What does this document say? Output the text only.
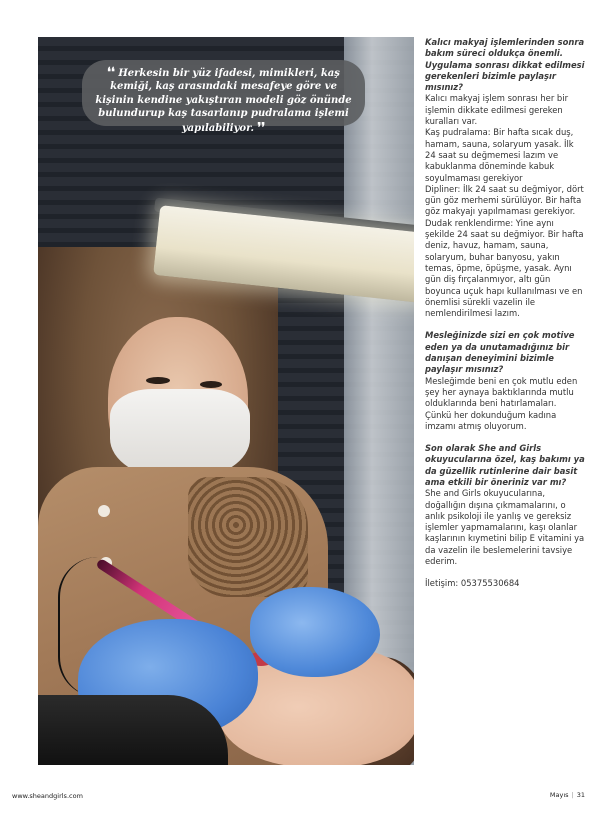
❛❛ Herkesin bir yüz ifadesi, mimikleri, kaş kemiği, kaş arasındaki mesafeye göre ve kişinin kendine yakıştıran modeli göz önünde bulundurup kaş tasarlanıp pudralama işlemi yapılabiliyor. ❜❜

Kalıcı makyaj işlemlerinden sonra bakım süreci oldukça önemli. Uygulama sonrası dikkat edilmesi gerekenleri bizimle paylaşır mısınız?

Kalıcı makyaj işlem sonrası her bir işlemin dikkate edilmesi gereken kuralları var.

Kaş pudralama: Bir hafta sıcak duş, hamam, sauna, solaryum yasak. İlk 24 saat su değmemesi lazım ve kabuklanma döneminde kabuk soyulmaması gerekiyor

Dipliner: İlk 24 saat su değmiyor, dört gün göz merhemi sürülüyor. Bir hafta göz makyajı yapılmaması gerekiyor.

Dudak renklendirme: Yine aynı şekilde 24 saat su değmiyor. Bir hafta deniz, havuz, hamam, sauna, solaryum, buhar banyosu, yakın temas, öpme, öpüşme, yasak. Aynı gün diş fırçalanmıyor, altı gün boyunca uçuk hapı kullanılması ve en önemlisi sürekli vazelin ile nemlendirilmesi lazım.

Mesleğinizde sizi en çok motive eden ya da unutamadığınız bir danışan deneyimini bizimle paylaşır mısınız?

Mesleğimde beni en çok mutlu eden şey her aynaya baktıklarında mutlu olduklarında beni hatırlamaları. Çünkü her dokunduğum kadına imzamı atmış oluyorum.

Son olarak She and Girls okuyucularına özel, kaş bakımı ya da güzellik rutinlerine dair basit ama etkili bir öneriniz var mı?

She and Girls okuyucularına, doğallığın dışına çıkmamalarını, o anlık psikoloji ile yanlış ve gereksiz işlemler yapmamalarını, kaşı olanlar kaşlarının kıymetini bilip E vitamini ya da vazelin ile beslemelerini tavsiye ederim.

İletişim: 05375530684

www.sheandgirls.com	Mayıs | 31
